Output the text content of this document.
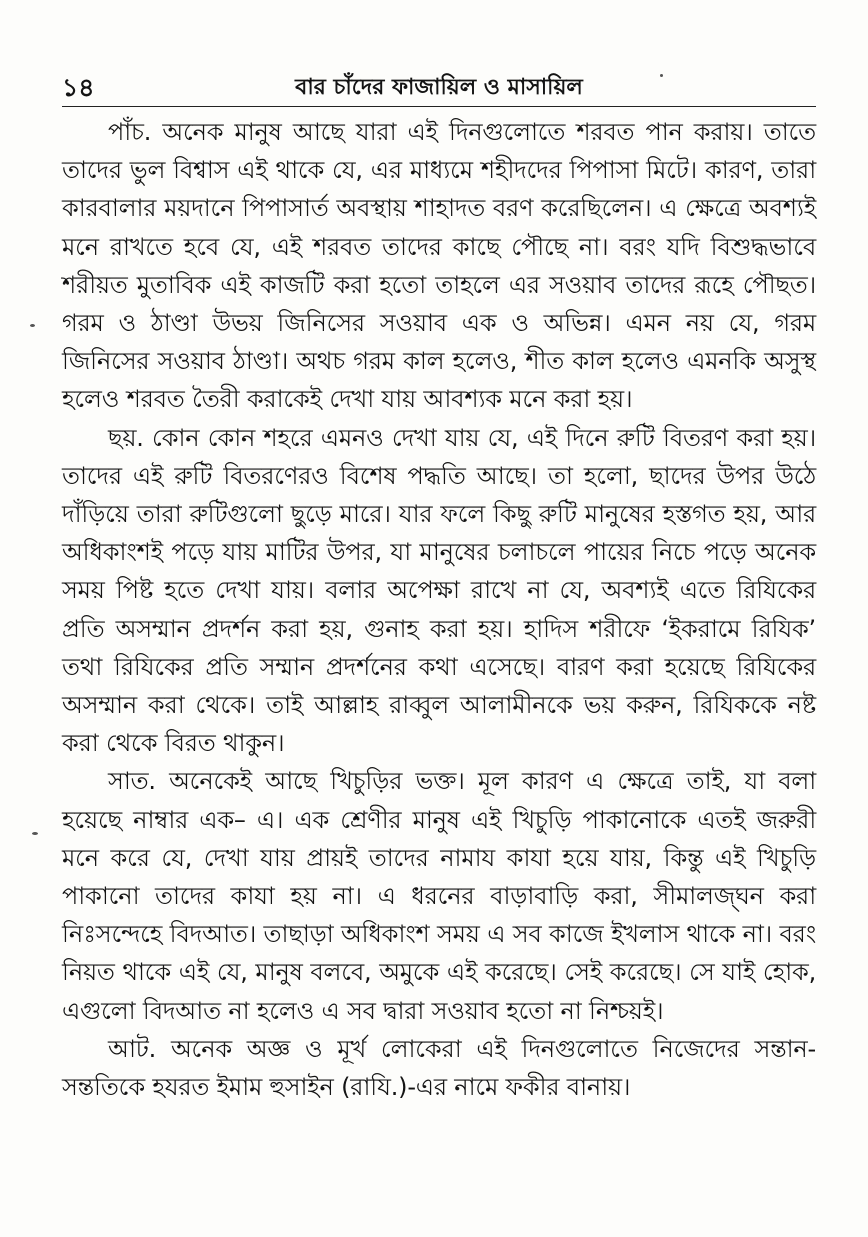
১৪	বার চাঁদের ফাজায়িল ও মাসায়িল

পাঁচ. অনেক মানুষ আছে যারা এই দিনগুলোতে শরবত পান করায়। তাতে তাদের ভুল বিশ্বাস এই থাকে যে, এর মাধ্যমে শহীদদের পিপাসা মিটে। কারণ, তারা কারবালার ময়দানে পিপাসার্ত অবস্থায় শাহাদত বরণ করেছিলেন। এ ক্ষেত্রে অবশ্যই মনে রাখতে হবে যে, এই শরবত তাদের কাছে পৌছে না। বরং যদি বিশুদ্ধভাবে শরীয়ত মুতাবিক এই কাজটি করা হতো তাহলে এর সওয়াব তাদের রূহে পৌছত। গরম ও ঠাণ্ডা উভয় জিনিসের সওয়াব এক ও অভিন্ন। এমন নয় যে, গরম জিনিসের সওয়াব ঠাণ্ডা। অথচ গরম কাল হলেও, শীত কাল হলেও এমনকি অসুস্থ হলেও শরবত তৈরী করাকেই দেখা যায় আবশ্যক মনে করা হয়।

ছয়. কোন কোন শহরে এমনও দেখা যায় যে, এই দিনে রুটি বিতরণ করা হয়। তাদের এই রুটি বিতরণেরও বিশেষ পদ্ধতি আছে। তা হলো, ছাদের উপর উঠে দাঁড়িয়ে তারা রুটিগুলো ছুড়ে মারে। যার ফলে কিছু রুটি মানুষের হস্তগত হয়, আর অধিকাংশই পড়ে যায় মাটির উপর, যা মানুষের চলাচলে পায়ের নিচে পড়ে অনেক সময় পিষ্ট হতে দেখা যায়। বলার অপেক্ষা রাখে না যে, অবশ্যই এতে রিযিকের প্রতি অসম্মান প্রদর্শন করা হয়, গুনাহ করা হয়। হাদিস শরীফে ‘ইকরামে রিযিক’ তথা রিযিকের প্রতি সম্মান প্রদর্শনের কথা এসেছে। বারণ করা হয়েছে রিযিকের অসম্মান করা থেকে। তাই আল্লাহ রাব্বুল আলামীনকে ভয় করুন, রিযিককে নষ্ট করা থেকে বিরত থাকুন।

সাত. অনেকেই আছে খিচুড়ির ভক্ত। মূল কারণ এ ক্ষেত্রে তাই, যা বলা হয়েছে নাম্বার এক– এ। এক শ্রেণীর মানুষ এই খিচুড়ি পাকানোকে এতই জরুরী মনে করে যে, দেখা যায় প্রায়ই তাদের নামায কাযা হয়ে যায়, কিন্তু এই খিচুড়ি পাকানো তাদের কাযা হয় না। এ ধরনের বাড়াবাড়ি করা, সীমালজ্ঘন করা নিঃসন্দেহে বিদআত। তাছাড়া অধিকাংশ সময় এ সব কাজে ইখলাস থাকে না। বরং নিয়ত থাকে এই যে, মানুষ বলবে, অমুকে এই করেছে। সেই করেছে। সে যাই হোক, এগুলো বিদআত না হলেও এ সব দ্বারা সওয়াব হতো না নিশ্চয়ই।

আট. অনেক অজ্ঞ ও মূর্খ লোকেরা এই দিনগুলোতে নিজেদের সন্তান-সন্ততিকে হযরত ইমাম হুসাইন (রাযি.)-এর নামে ফকীর বানায়।
